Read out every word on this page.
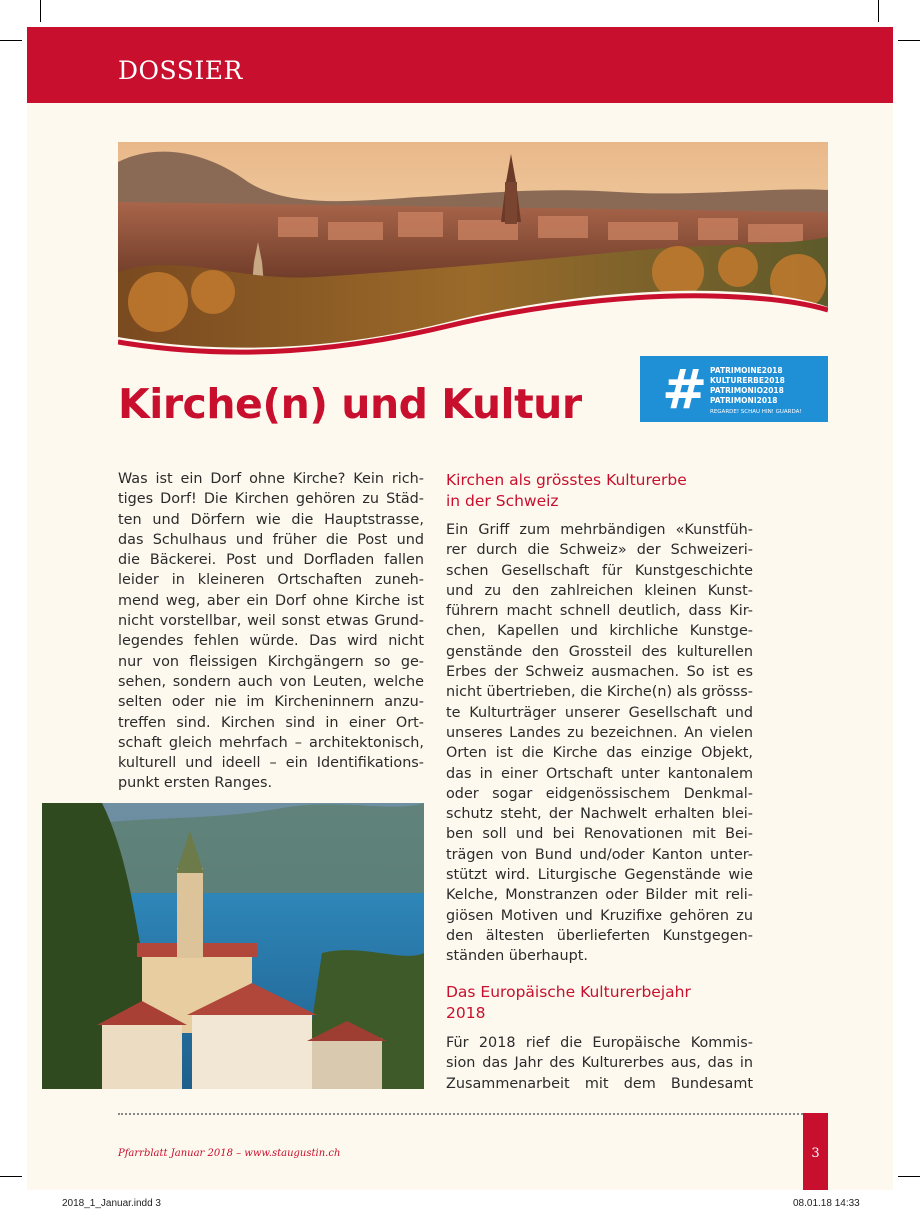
DOSSIER
# PATRIMOINE2018
KULTURERBE2018
PATRIMONIO2018
PATRIMONI2018
REGARDE! SCHAU HIN! GUARDA!
Kirche(n) und Kultur
Was ist ein Dorf ohne Kirche? Kein rich-
tiges Dorf! Die Kirchen gehören zu Städ-
ten und Dörfern wie die Hauptstrasse,
das Schulhaus und früher die Post und
die Bäckerei. Post und Dorfladen fallen
leider in kleineren Ortschaften zuneh-
mend weg, aber ein Dorf ohne Kirche ist
nicht vorstellbar, weil sonst etwas Grund-
legendes fehlen würde. Das wird nicht
nur von fleissigen Kirchgängern so ge-
sehen, sondern auch von Leuten, welche
selten oder nie im Kircheninnern anzu-
treffen sind. Kirchen sind in einer Ort-
schaft gleich mehrfach – architektonisch,
kulturell und ideell – ein Identifikations-
punkt ersten Ranges.
Kirchen als grösstes Kulturerbe
in der Schweiz
Ein Griff zum mehrbändigen «Kunstfüh-
rer durch die Schweiz» der Schweizeri-
schen Gesellschaft für Kunstgeschichte
und zu den zahlreichen kleinen Kunst-
führern macht schnell deutlich, dass Kir-
chen, Kapellen und kirchliche Kunstge-
genstände den Grossteil des kulturellen
Erbes der Schweiz ausmachen. So ist es
nicht übertrieben, die Kirche(n) als grösss-
te Kulturträger unserer Gesellschaft und
unseres Landes zu bezeichnen. An vielen
Orten ist die Kirche das einzige Objekt,
das in einer Ortschaft unter kantonalem
oder sogar eidgenössischem Denkmal-
schutz steht, der Nachwelt erhalten blei-
ben soll und bei Renovationen mit Bei-
trägen von Bund und/oder Kanton unter-
stützt wird. Liturgische Gegenstände wie
Kelche, Monstranzen oder Bilder mit reli-
giösen Motiven und Kruzifixe gehören zu
den ältesten überlieferten Kunstgegen-
ständen überhaupt.
Das Europäische Kulturerbejahr
2018
Für 2018 rief die Europäische Kommis-
sion das Jahr des Kulturerbes aus, das in
Zusammenarbeit mit dem Bundesamt
Pfarrblatt Januar 2018 – www.staugustin.ch	3
2018_1_Januar.indd 3	08.01.18 14:33
